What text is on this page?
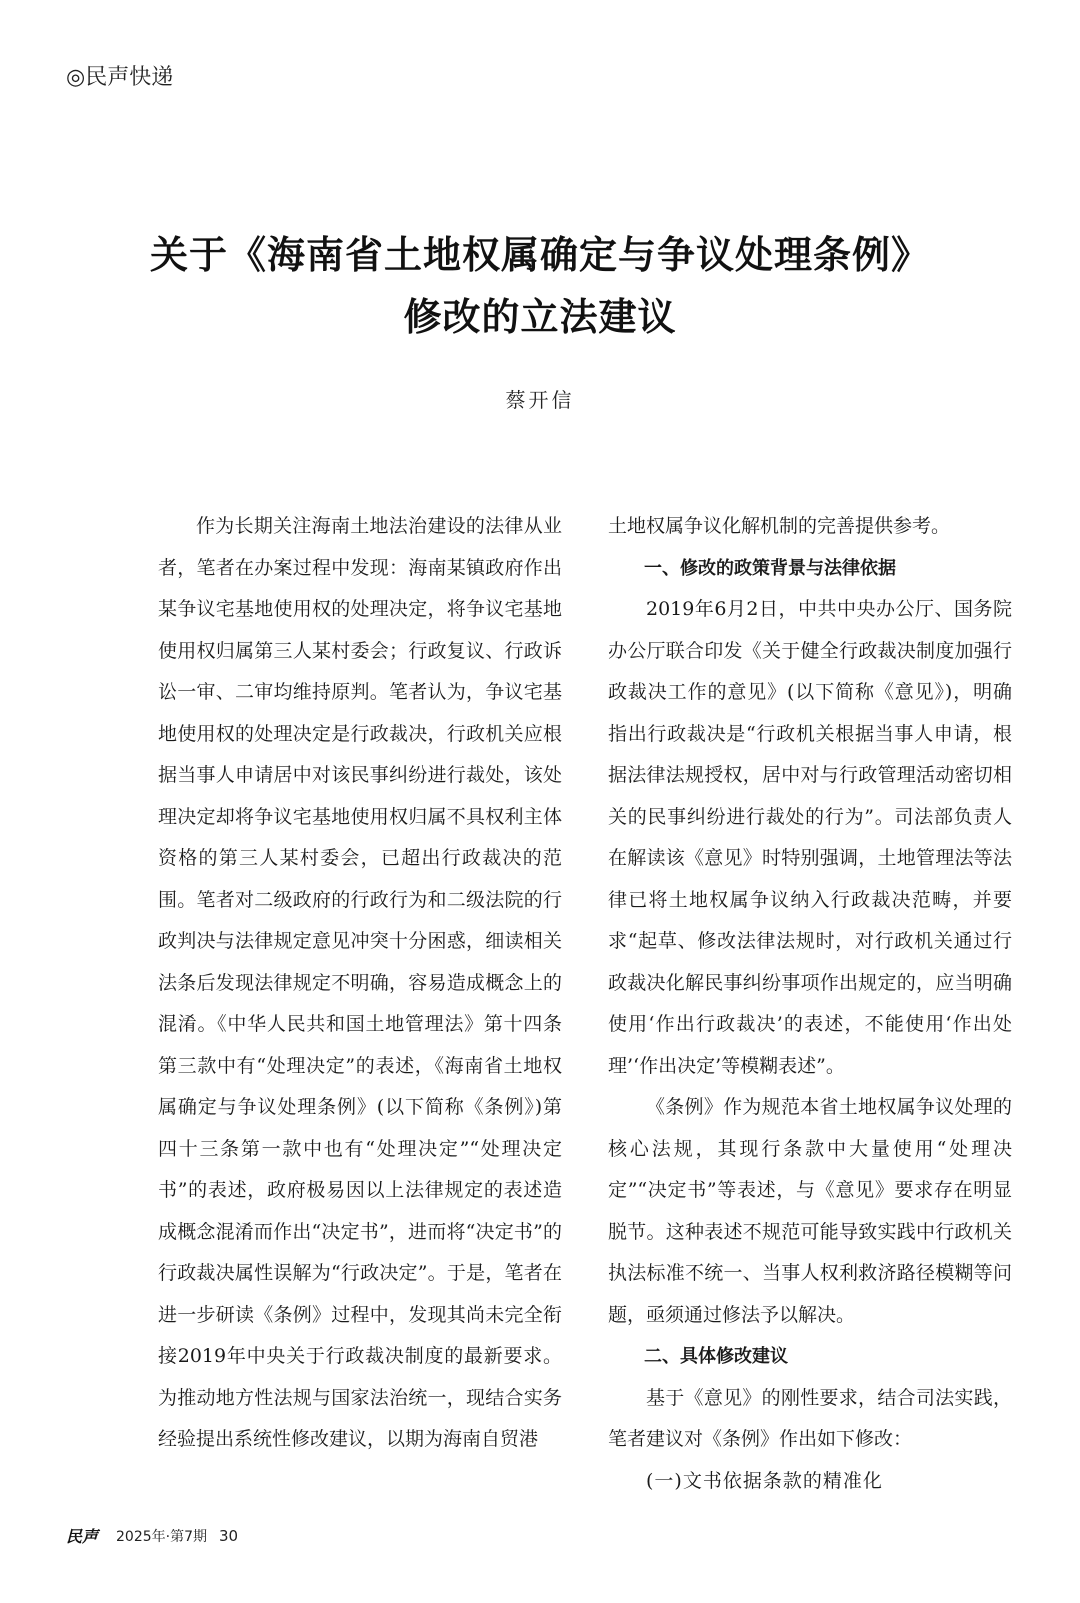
◎民声快递
关于《海南省土地权属确定与争议处理条例》
修改的立法建议
蔡开信

作为长期关注海南土地法治建设的法律从业者，笔者在办案过程中发现：海南某镇政府作出某争议宅基地使用权的处理决定，将争议宅基地使用权归属第三人某村委会；行政复议、行政诉讼一审、二审均维持原判。笔者认为，争议宅基地使用权的处理决定是行政裁决，行政机关应根据当事人申请居中对该民事纠纷进行裁处，该处理决定却将争议宅基地使用权归属不具权利主体资格的第三人某村委会，已超出行政裁决的范围。笔者对二级政府的行政行为和二级法院的行政判决与法律规定意见冲突十分困惑，细读相关法条后发现法律规定不明确，容易造成概念上的混淆。《中华人民共和国土地管理法》第十四条第三款中有“处理决定”的表述，《海南省土地权属确定与争议处理条例》(以下简称《条例》)第四十三条第一款中也有“处理决定”“处理决定书”的表述，政府极易因以上法律规定的表述造成概念混淆而作出“决定书”，进而将“决定书”的行政裁决属性误解为“行政决定”。于是，笔者在进一步研读《条例》过程中，发现其尚未完全衔接2019年中央关于行政裁决制度的最新要求。为推动地方性法规与国家法治统一，现结合实务经验提出系统性修改建议，以期为海南自贸港

土地权属争议化解机制的完善提供参考。

一、修改的政策背景与法律依据

2019年6月2日，中共中央办公厅、国务院办公厅联合印发《关于健全行政裁决制度加强行政裁决工作的意见》(以下简称《意见》)，明确指出行政裁决是“行政机关根据当事人申请，根据法律法规授权，居中对与行政管理活动密切相关的民事纠纷进行裁处的行为”。司法部负责人在解读该《意见》时特别强调，土地管理法等法律已将土地权属争议纳入行政裁决范畴，并要求“起草、修改法律法规时，对行政机关通过行政裁决化解民事纠纷事项作出规定的，应当明确使用‘作出行政裁决’的表述，不能使用‘作出处理’‘作出决定’等模糊表述”。

《条例》作为规范本省土地权属争议处理的核心法规，其现行条款中大量使用“处理决定”“决定书”等表述，与《意见》要求存在明显脱节。这种表述不规范可能导致实践中行政机关执法标准不统一、当事人权利救济路径模糊等问题，亟须通过修法予以解决。

二、具体修改建议

基于《意见》的刚性要求，结合司法实践，笔者建议对《条例》作出如下修改：

(一)文书依据条款的精准化

民声 2025年·第7期 30
